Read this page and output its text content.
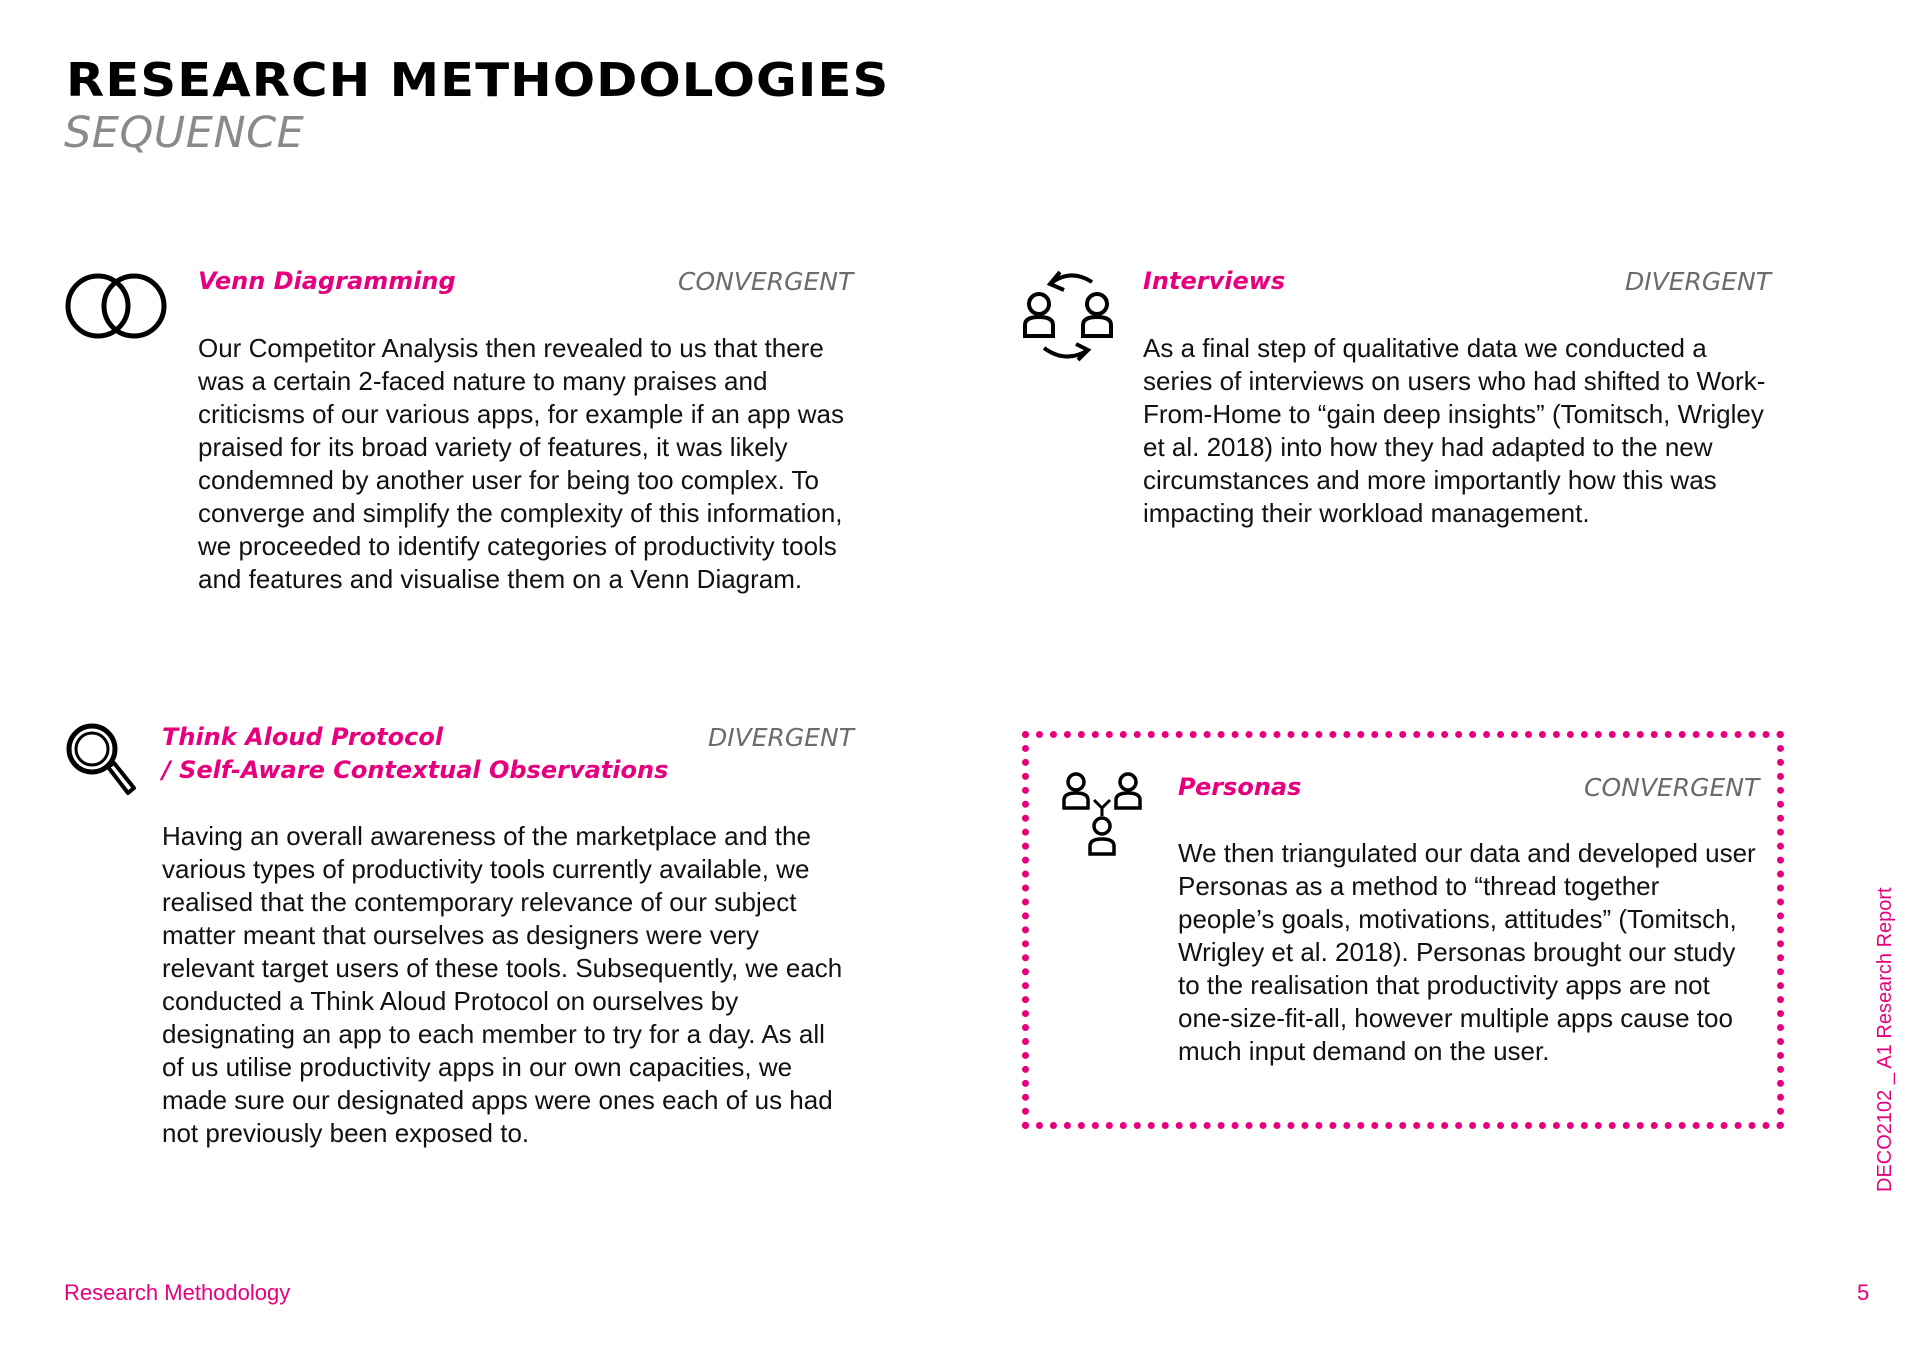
RESEARCH METHODOLOGIES
SEQUENCE
Venn Diagramming	CONVERGENT

Our Competitor Analysis then revealed to us that there was a certain 2-faced nature to many praises and criticisms of our various apps, for example if an app was praised for its broad variety of features, it was likely condemned by another user for being too complex. To converge and simplify the complexity of this information, we proceeded to identify categories of productivity tools and features and visualise them on a Venn Diagram.

Interviews	DIVERGENT

As a final step of qualitative data we conducted a series of interviews on users who had shifted to Work-From-Home to “gain deep insights” (Tomitsch, Wrigley et al. 2018) into how they had adapted to the new circumstances and more importantly how this was impacting their workload management.

Think Aloud Protocol
/ Self-Aware Contextual Observations
DIVERGENT

Having an overall awareness of the marketplace and the various types of productivity tools currently available, we realised that the contemporary relevance of our subject matter meant that ourselves as designers were very relevant target users of these tools. Subsequently, we each conducted a Think Aloud Protocol on ourselves by designating an app to each member to try for a day. As all of us utilise productivity apps in our own capacities, we made sure our designated apps were ones each of us had not previously been exposed to.

Personas	CONVERGENT

We then triangulated our data and developed user Personas as a method to “thread together people’s goals, motivations, attitudes” (Tomitsch, Wrigley et al. 2018). Personas brought our study to the realisation that productivity apps are not one-size-fit-all, however multiple apps cause too much input demand on the user.

Research Methodology	5
DECO2102 _ A1 Research Report
